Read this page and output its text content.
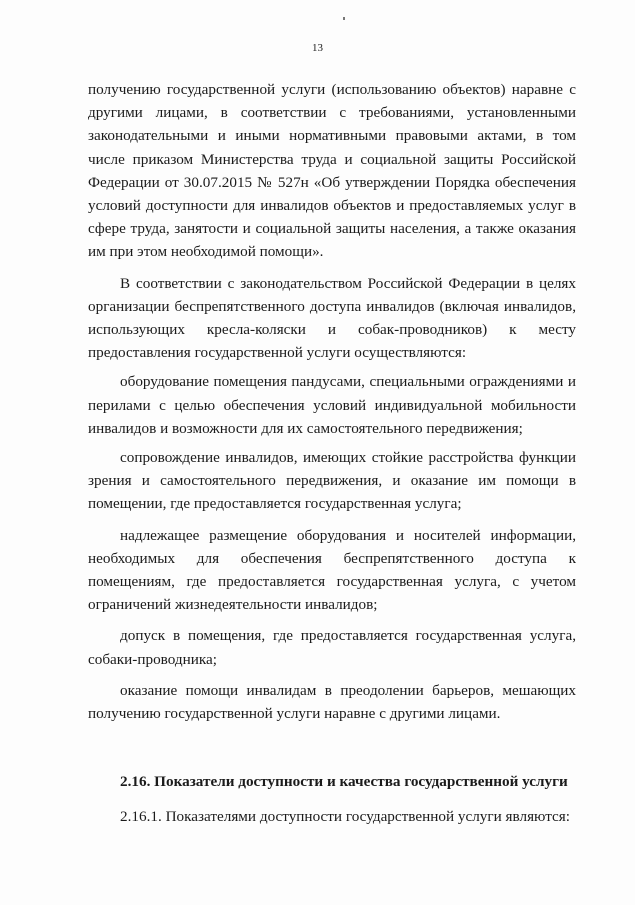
13

получению государственной услуги (использованию объектов) наравне с другими лицами, в соответствии с требованиями, установленными законодательными и иными нормативными правовыми актами, в том числе приказом Министерства труда и социальной защиты Российской Федерации от 30.07.2015 № 527н «Об утверждении Порядка обеспечения условий доступности для инвалидов объектов и предоставляемых услуг в сфере труда, занятости и социальной защиты населения, а также оказания им при этом необходимой помощи».

В соответствии с законодательством Российской Федерации в целях организации беспрепятственного доступа инвалидов (включая инвалидов, использующих кресла-коляски и собак-проводников) к месту предоставления государственной услуги осуществляются:

оборудование помещения пандусами, специальными ограждениями и перилами с целью обеспечения условий индивидуальной мобильности инвалидов и возможности для их самостоятельного передвижения;

сопровождение инвалидов, имеющих стойкие расстройства функции зрения и самостоятельного передвижения, и оказание им помощи в помещении, где предоставляется государственная услуга;

надлежащее размещение оборудования и носителей информации, необходимых для обеспечения беспрепятственного доступа к помещениям, где предоставляется государственная услуга, с учетом ограничений жизнедеятельности инвалидов;

допуск в помещения, где предоставляется государственная услуга, собаки-проводника;

оказание помощи инвалидам в преодолении барьеров, мешающих получению государственной услуги наравне с другими лицами.

2.16. Показатели доступности и качества государственной услуги
2.16.1. Показателями доступности государственной услуги являются:
